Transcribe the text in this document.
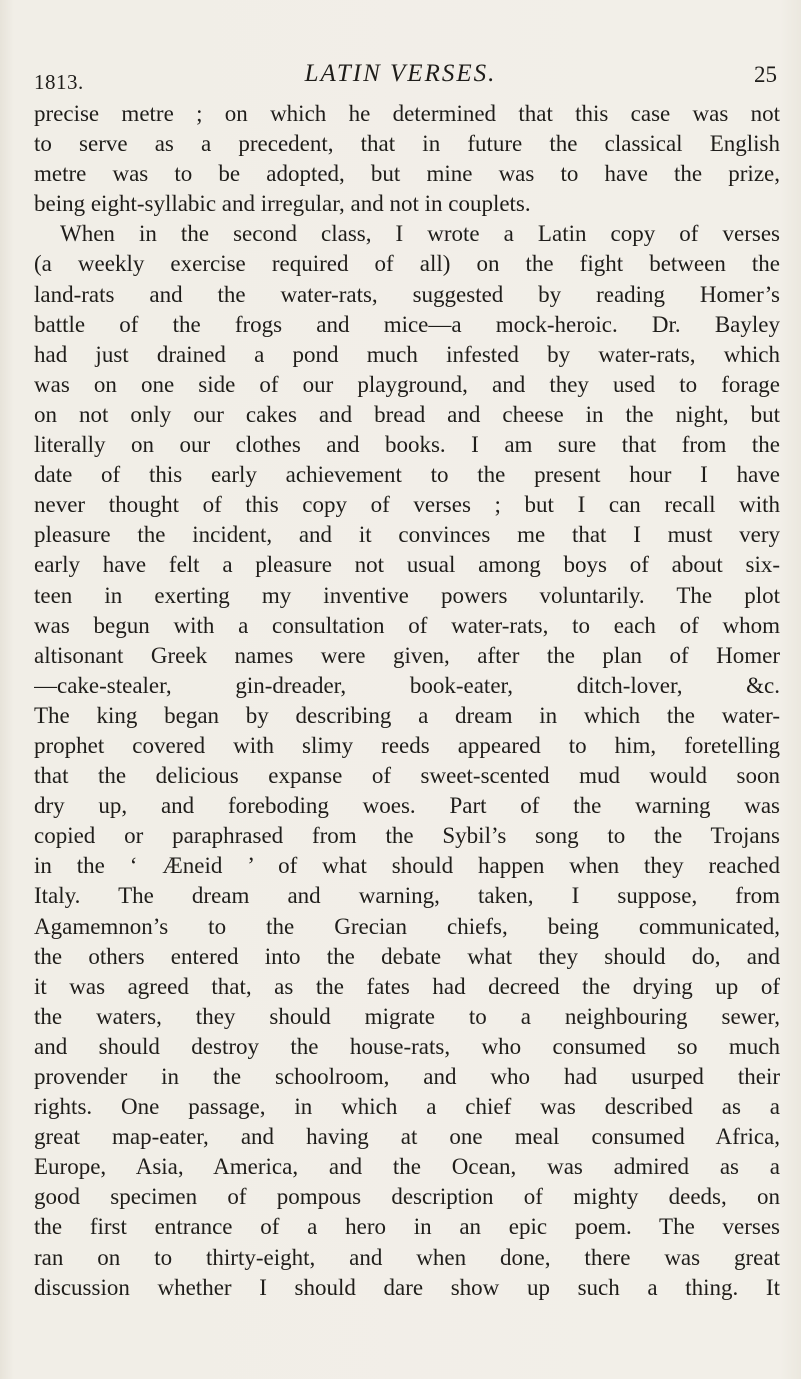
1813.	LATIN VERSES.	25
precise metre ; on which he determined that this case was not
to serve as a precedent, that in future the classical English
metre was to be adopted, but mine was to have the prize,
being eight-syllabic and irregular, and not in couplets.
When in the second class, I wrote a Latin copy of verses
(a weekly exercise required of all) on the fight between the
land-rats and the water-rats, suggested by reading Homer’s
battle of the frogs and mice—a mock-heroic. Dr. Bayley
had just drained a pond much infested by water-rats, which
was on one side of our playground, and they used to forage
on not only our cakes and bread and cheese in the night, but
literally on our clothes and books. I am sure that from the
date of this early achievement to the present hour I have
never thought of this copy of verses ; but I can recall with
pleasure the incident, and it convinces me that I must very
early have felt a pleasure not usual among boys of about six-
teen in exerting my inventive powers voluntarily. The plot
was begun with a consultation of water-rats, to each of whom
altisonant Greek names were given, after the plan of Homer
—cake-stealer, gin-dreader, book-eater, ditch-lover, &c.
The king began by describing a dream in which the water-
prophet covered with slimy reeds appeared to him, foretelling
that the delicious expanse of sweet-scented mud would soon
dry up, and foreboding woes. Part of the warning was
copied or paraphrased from the Sybil’s song to the Trojans
in the ‘ Æneid ’ of what should happen when they reached
Italy. The dream and warning, taken, I suppose, from
Agamemnon’s to the Grecian chiefs, being communicated,
the others entered into the debate what they should do, and
it was agreed that, as the fates had decreed the drying up of
the waters, they should migrate to a neighbouring sewer,
and should destroy the house-rats, who consumed so much
provender in the schoolroom, and who had usurped their
rights. One passage, in which a chief was described as a
great map-eater, and having at one meal consumed Africa,
Europe, Asia, America, and the Ocean, was admired as a
good specimen of pompous description of mighty deeds, on
the first entrance of a hero in an epic poem. The verses
ran on to thirty-eight, and when done, there was great
discussion whether I should dare show up such a thing. It
